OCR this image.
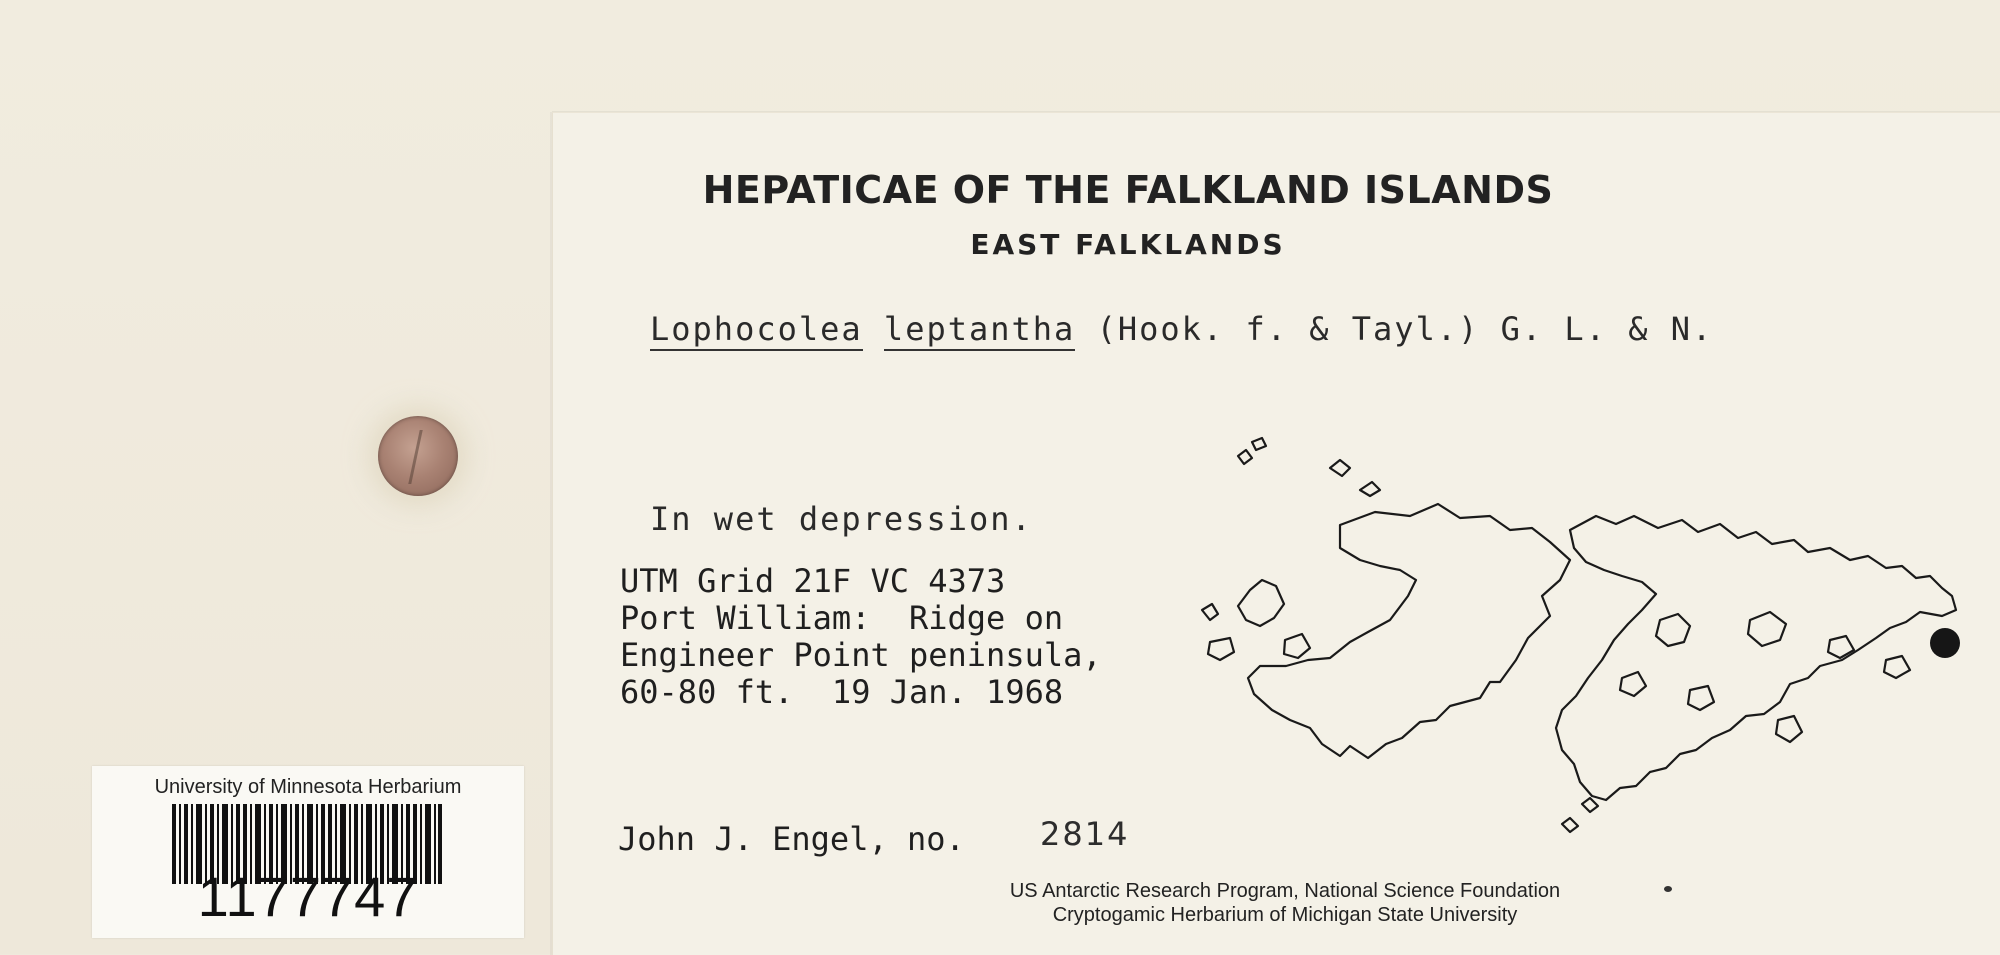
HEPATICAE OF THE FALKLAND ISLANDS
EAST FALKLANDS
Lophocolea leptantha (Hook. f. & Tayl.) G. L. & N.
In wet depression.
UTM Grid 21F VC 4373
Port William:  Ridge on
Engineer Point peninsula,
60-80 ft.  19 Jan. 1968
John J. Engel, no. 2814
US Antarctic Research Program, National Science Foundation
Cryptogamic Herbarium of Michigan State University
University of Minnesota Herbarium
1177747
